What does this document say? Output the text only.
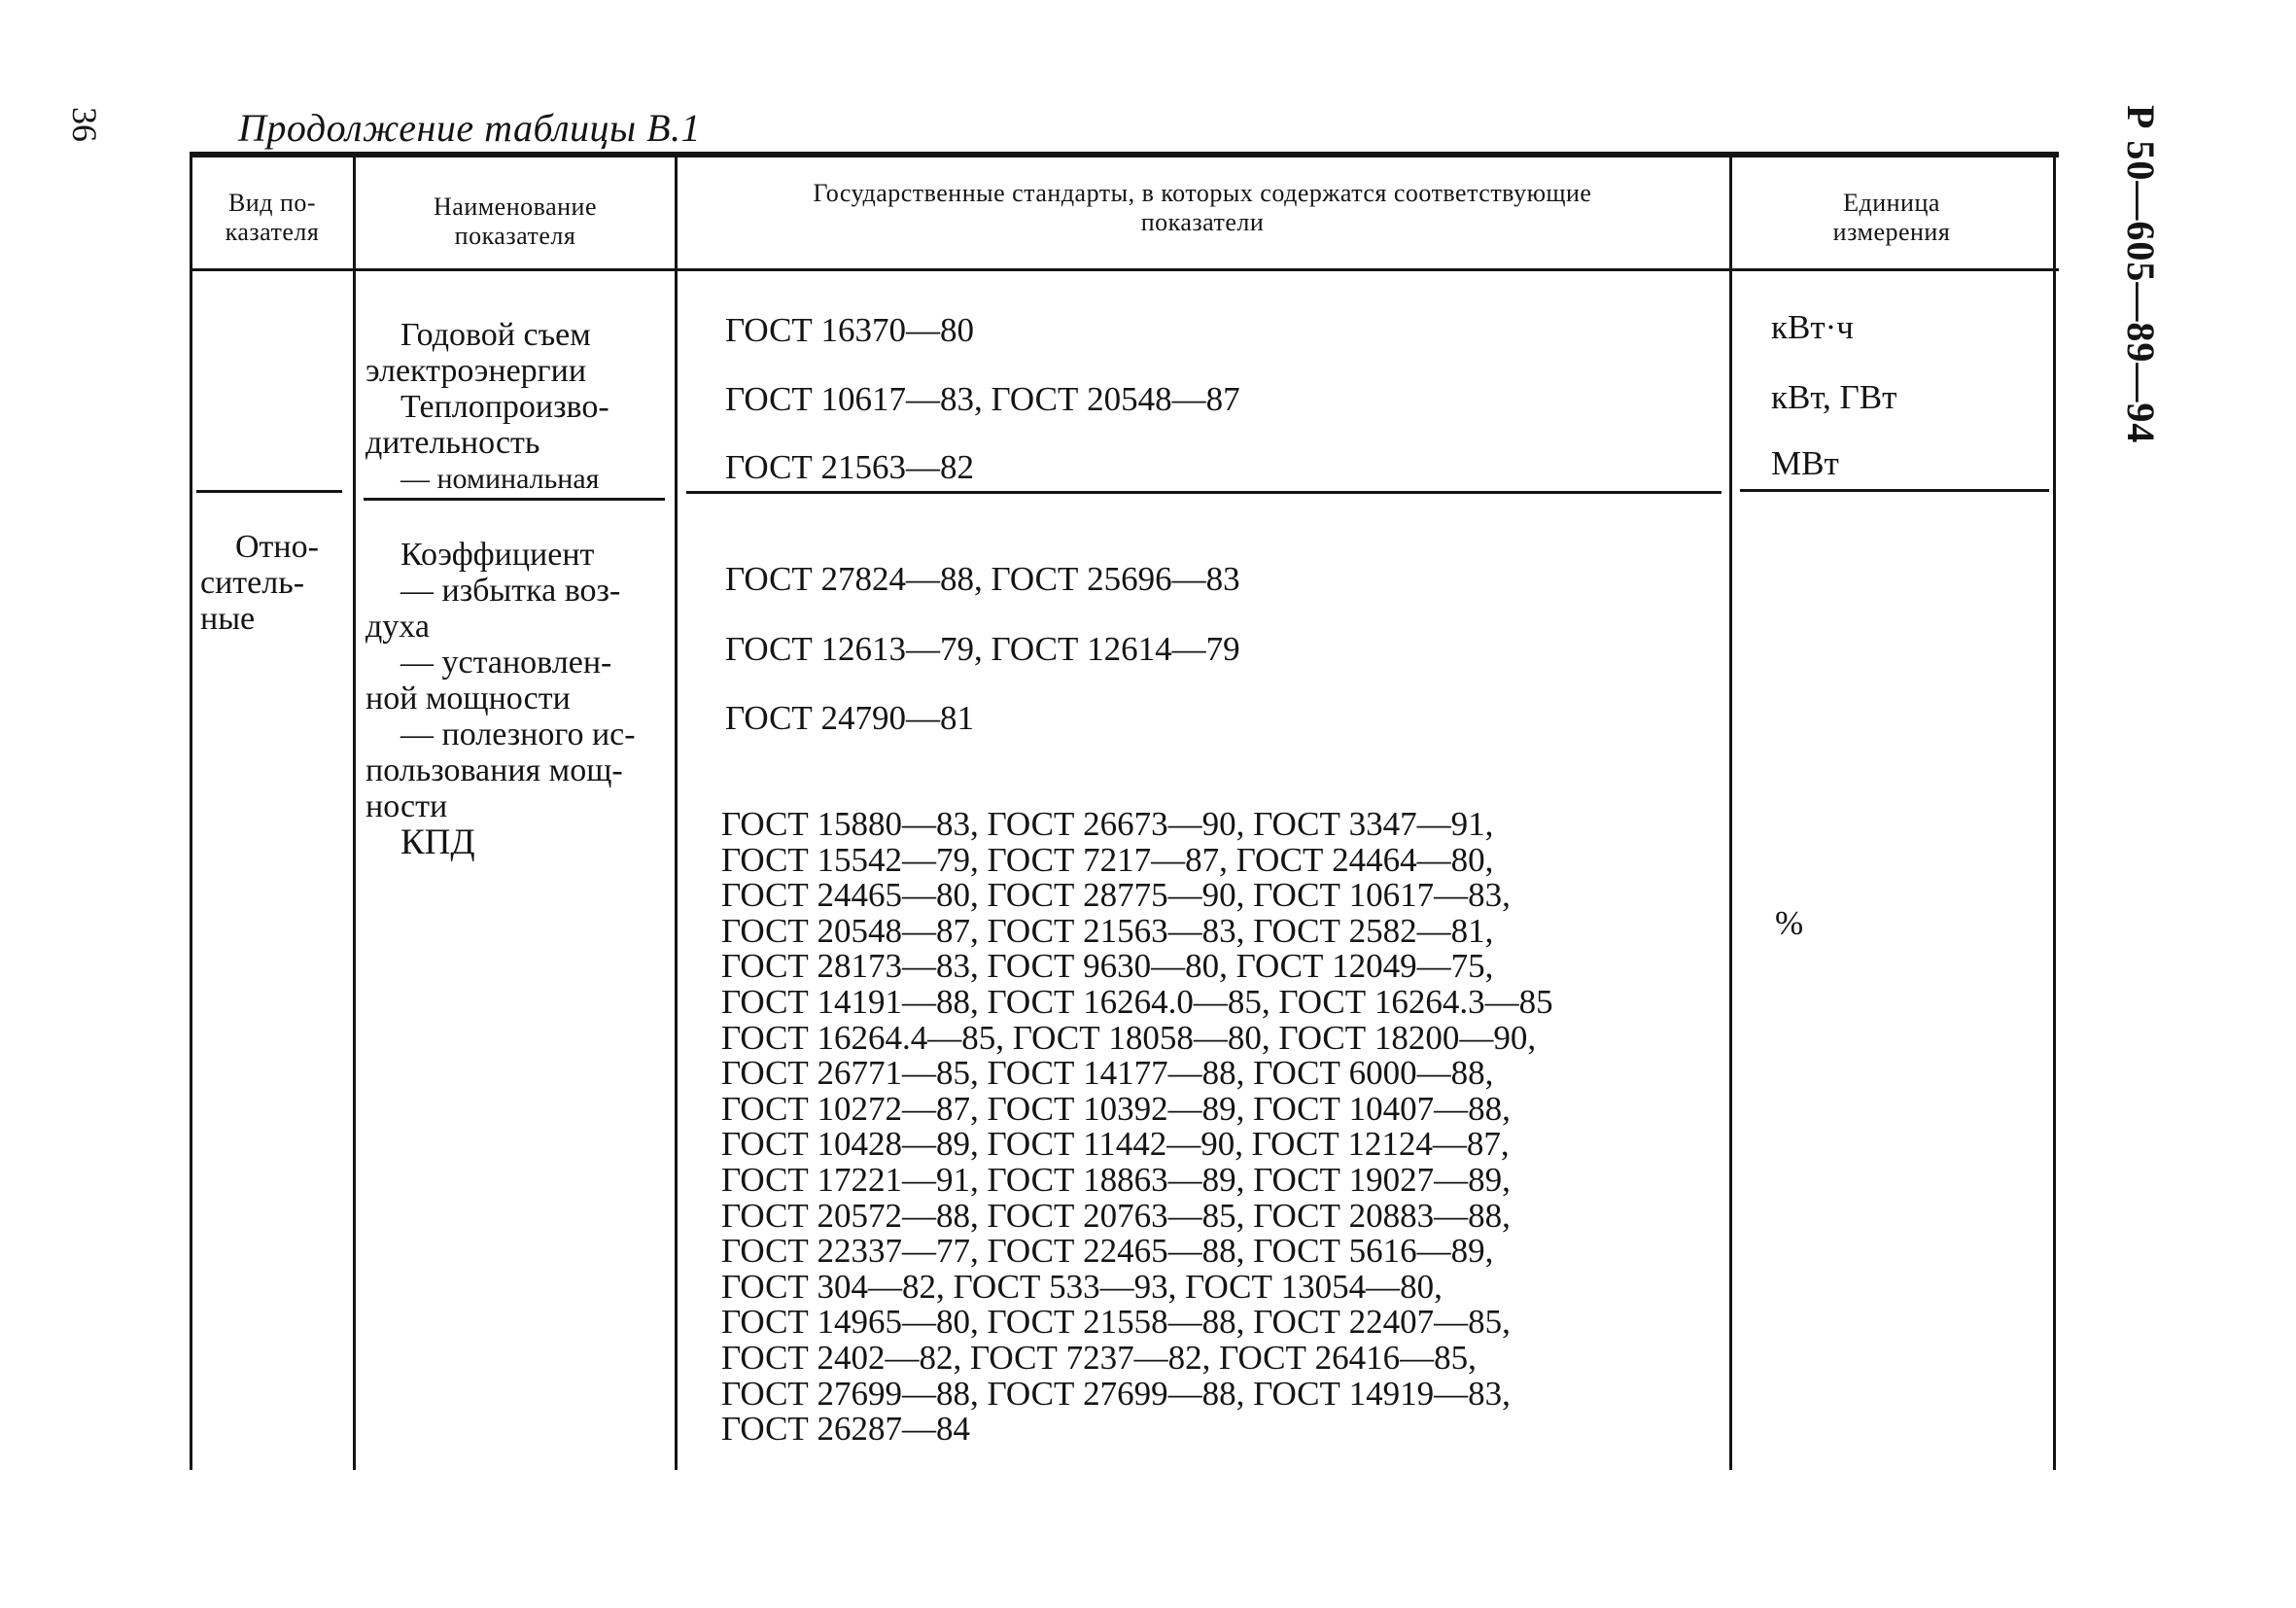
36	Продолжение таблицы В.1	Р 50—605—89—94
Вид по-
казателя
Наименование
показателя
Государственные стандарты, в которых содержатся соответствующие
показатели
Единица
измерения
Годовой съем
электроэнергии
Теплопроизво-
дительность
— номинальная
ГОСТ 16370—80
ГОСТ 10617—83, ГОСТ 20548—87
ГОСТ 21563—82
кВт·ч
кВт, ГВт
МВт
Отно-
ситель-
ные
Коэффициент
— избытка воз-
духа
— установлен-
ной мощности
— полезного ис-
пользования мощ-
ности
КПД
ГОСТ 27824—88, ГОСТ 25696—83
ГОСТ 12613—79, ГОСТ 12614—79
ГОСТ 24790—81
ГОСТ 15880—83, ГОСТ 26673—90, ГОСТ 3347—91,
ГОСТ 15542—79, ГОСТ 7217—87, ГОСТ 24464—80,
ГОСТ 24465—80, ГОСТ 28775—90, ГОСТ 10617—83,
ГОСТ 20548—87, ГОСТ 21563—83, ГОСТ 2582—81,
ГОСТ 28173—83, ГОСТ 9630—80, ГОСТ 12049—75,
ГОСТ 14191—88, ГОСТ 16264.0—85, ГОСТ 16264.3—85
ГОСТ 16264.4—85, ГОСТ 18058—80, ГОСТ 18200—90,
ГОСТ 26771—85, ГОСТ 14177—88, ГОСТ 6000—88,
ГОСТ 10272—87, ГОСТ 10392—89, ГОСТ 10407—88,
ГОСТ 10428—89, ГОСТ 11442—90, ГОСТ 12124—87,
ГОСТ 17221—91, ГОСТ 18863—89, ГОСТ 19027—89,
ГОСТ 20572—88, ГОСТ 20763—85, ГОСТ 20883—88,
ГОСТ 22337—77, ГОСТ 22465—88, ГОСТ 5616—89,
ГОСТ 304—82, ГОСТ 533—93, ГОСТ 13054—80,
ГОСТ 14965—80, ГОСТ 21558—88, ГОСТ 22407—85,
ГОСТ 2402—82, ГОСТ 7237—82, ГОСТ 26416—85,
ГОСТ 27699—88, ГОСТ 27699—88, ГОСТ 14919—83,
ГОСТ 26287—84
%
